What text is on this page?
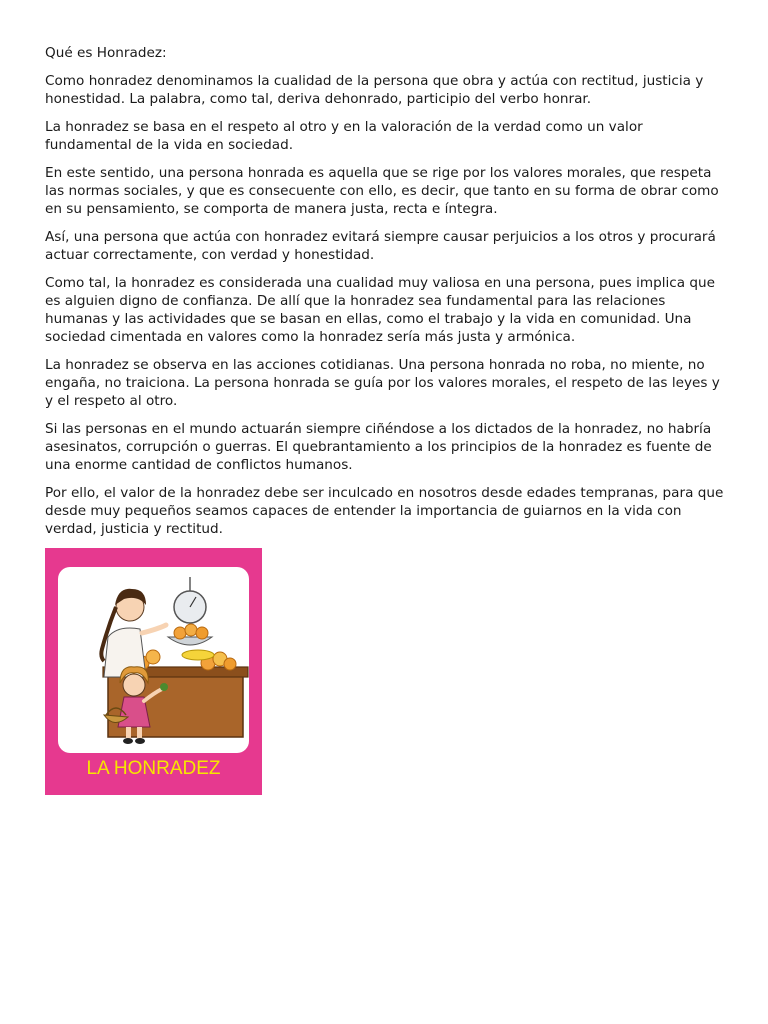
Qué es Honradez:

Como honradez denominamos la cualidad de la persona que obra y actúa con rectitud, justicia y honestidad. La palabra, como tal, deriva dehonrado, participio del verbo honrar.

La honradez se basa en el respeto al otro y en la valoración de la verdad como un valor fundamental de la vida en sociedad.

En este sentido, una persona honrada es aquella que se rige por los valores morales, que respeta las normas sociales, y que es consecuente con ello, es decir, que tanto en su forma de obrar como en su pensamiento, se comporta de manera justa, recta e íntegra.

Así, una persona que actúa con honradez evitará siempre causar perjuicios a los otros y procurará actuar correctamente, con verdad y honestidad.

Como tal, la honradez es considerada una cualidad muy valiosa en una persona, pues implica que es alguien digno de confianza. De allí que la honradez sea fundamental para las relaciones humanas y las actividades que se basan en ellas, como el trabajo y la vida en comunidad. Una sociedad cimentada en valores como la honradez sería más justa y armónica.

La honradez se observa en las acciones cotidianas. Una persona honrada no roba, no miente, no engaña, no traiciona. La persona honrada se guía por los valores morales, el respeto de las leyes y y el respeto al otro.

Si las personas en el mundo actuarán siempre ciñéndose a los dictados de la honradez, no habría asesinatos, corrupción o guerras. El quebrantamiento a los principios de la honradez es fuente de una enorme cantidad de conflictos humanos.

Por ello, el valor de la honradez debe ser inculcado en nosotros desde edades tempranas, para que desde muy pequeños seamos capaces de entender la importancia de guiarnos en la vida con verdad, justicia y rectitud.

LA HONRADEZ
